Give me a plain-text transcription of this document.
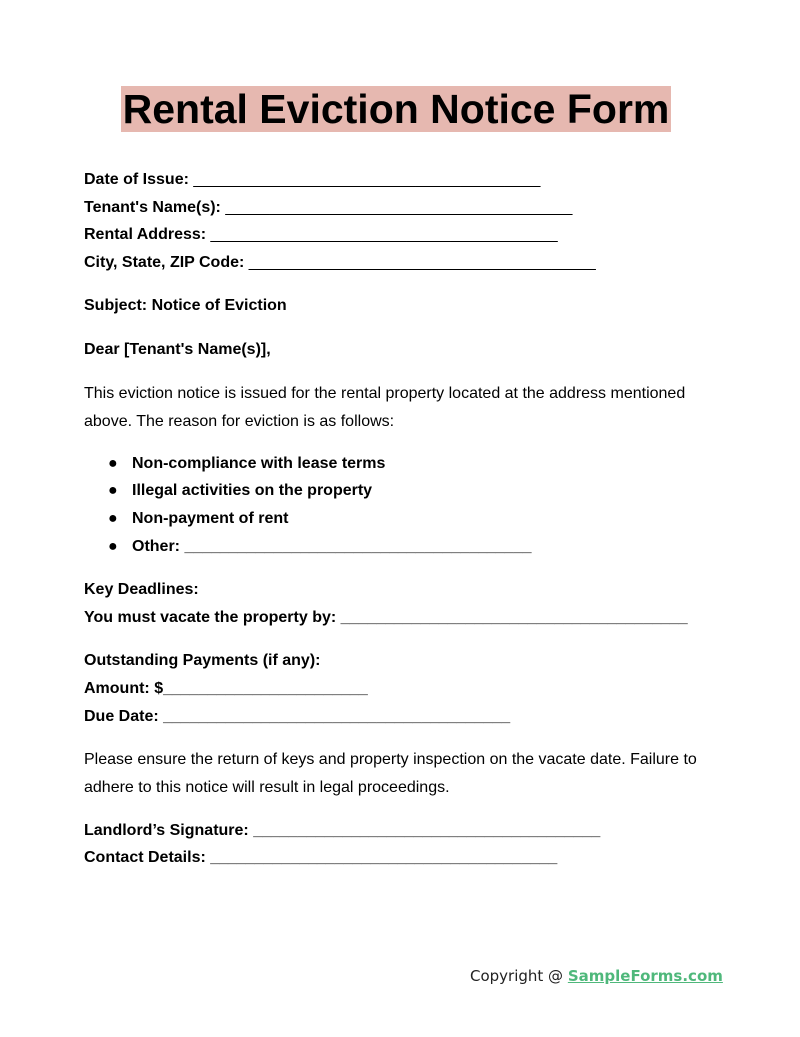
Rental Eviction Notice Form
Date of Issue: _______________________________________
Tenant's Name(s): _______________________________________
Rental Address: _______________________________________
City, State, ZIP Code: _______________________________________
Subject: Notice of Eviction
Dear [Tenant's Name(s)],
This eviction notice is issued for the rental property located at the address mentioned above. The reason for eviction is as follows:
● Non-compliance with lease terms
● Illegal activities on the property
● Non-payment of rent
● Other: _______________________________________
Key Deadlines:
You must vacate the property by: _______________________________________
Outstanding Payments (if any):
Amount: $_______________________
Due Date: _______________________________________
Please ensure the return of keys and property inspection on the vacate date. Failure to adhere to this notice will result in legal proceedings.
Landlord’s Signature: _______________________________________
Contact Details: _______________________________________
Copyright @ SampleForms.com
